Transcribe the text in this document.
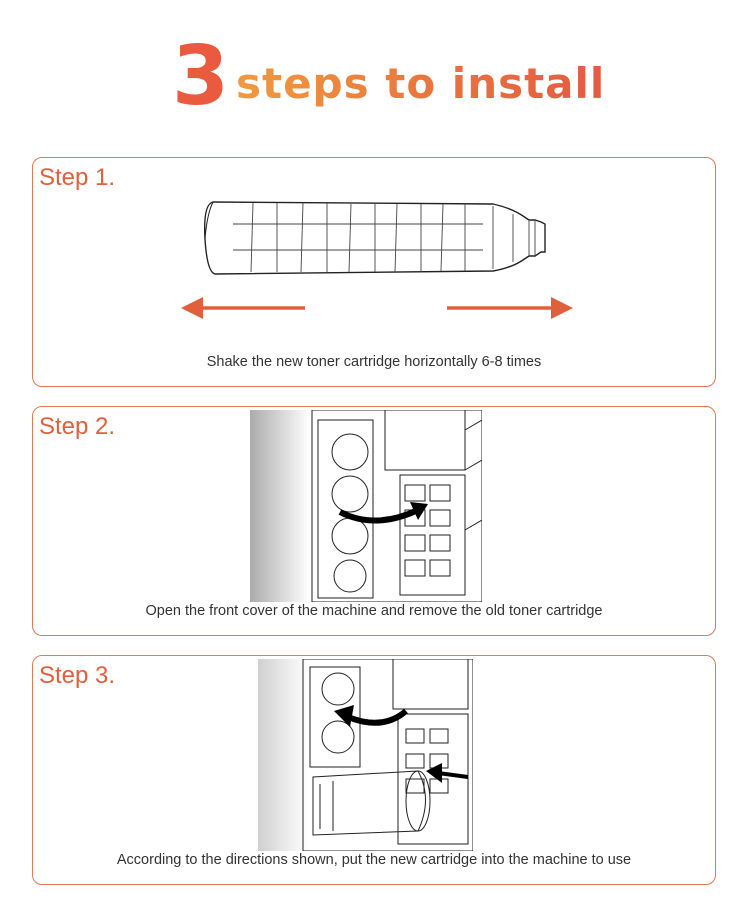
3 steps to install
Step 1.
Shake the new toner cartridge horizontally 6-8 times
Step 2.
Open the front cover of the machine and remove the old toner cartridge
Step 3.
According to the directions shown, put the new cartridge into the machine to use
